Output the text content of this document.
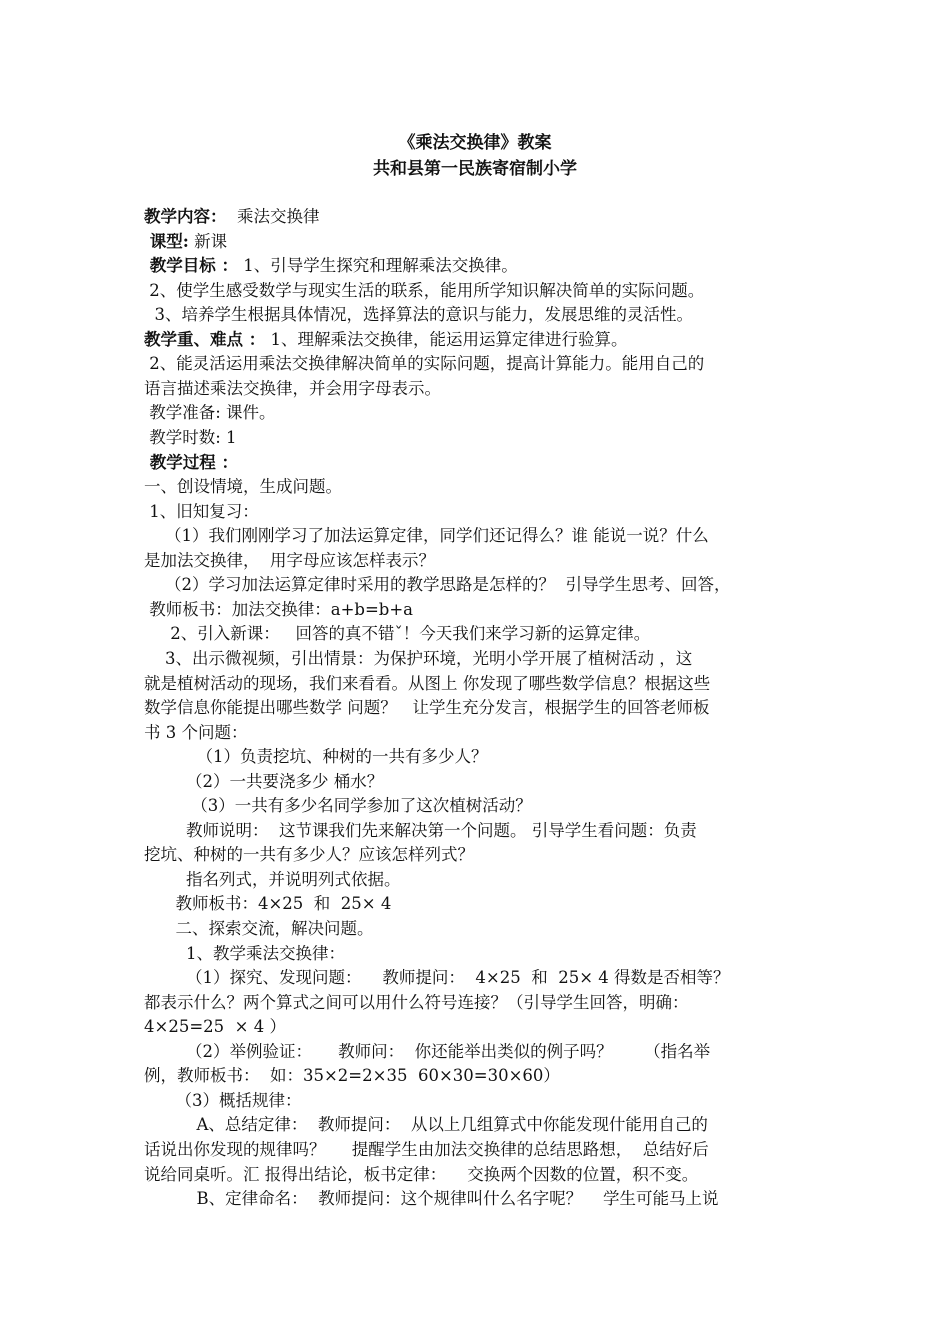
《乘法交换律》教案
共和县第一民族寄宿制小学
教学内容：  乘法交换律
课型: 新课
教学目标 ： 1、引导学生探究和理解乘法交换律。
2、使学生感受数学与现实生活的联系，能用所学知识解决简单的实际问题。
3、培养学生根据具体情况，选择算法的意识与能力，发展思维的灵活性。
教学重、难点 ： 1、理解乘法交换律，能运用运算定律进行验算。
2、能灵活运用乘法交换律解决简单的实际问题，提高计算能力。能用自己的
语言描述乘法交换律，并会用字母表示。
教学准备: 课件。
教学时数: 1
教学过程 ：
一、创设情境，生成问题。
1、旧知复习：
（1）我们刚刚学习了加法运算定律，同学们还记得么？谁 能说一说？什么
是加法交换律，  用字母应该怎样表示？
（2）学习加法运算定律时采用的教学思路是怎样的？  引导学生思考、回答，
教师板书：加法交换律：a+b=b+a
2、引入新课：   回答的真不错ˇ！今天我们来学习新的运算定律。
3、出示微视频，引出情景：为保护环境，光明小学开展了植树活动 ，这
就是植树活动的现场，我们来看看。从图上 你发现了哪些数学信息？根据这些
数学信息你能提出哪些数学 问题？   让学生充分发言，根据学生的回答老师板
书 3 个问题：
（1）负责挖坑、种树的一共有多少人？
（2）一共要浇多少 桶水？
（3）一共有多少名同学参加了这次植树活动？
教师说明：  这节课我们先来解决第一个问题。 引导学生看问题：负责
挖坑、种树的一共有多少人？应该怎样列式？
指名列式，并说明列式依据。
教师板书：4×25  和  25× 4
二、探索交流，解决问题。
1、教学乘法交换律：
（1）探究、发现问题：    教师提问：  4×25  和  25× 4 得数是否相等？
都表示什么？两个算式之间可以用什么符号连接？（引导学生回答，明确：
4×25=25  × 4 ）
（2）举例验证：     教师问：  你还能举出类似的例子吗？      （指名举
例，教师板书：  如：35×2=2×35  60×30=30×60）
（3）概括规律：
A、总结定律：  教师提问：  从以上几组算式中你能发现什能用自己的
话说出你发现的规律吗？     提醒学生由加法交换律的总结思路想，  总结好后
说给同桌听。汇 报得出结论，板书定律：    交换两个因数的位置，积不变。
B、定律命名：  教师提问：这个规律叫什么名字呢？    学生可能马上说
